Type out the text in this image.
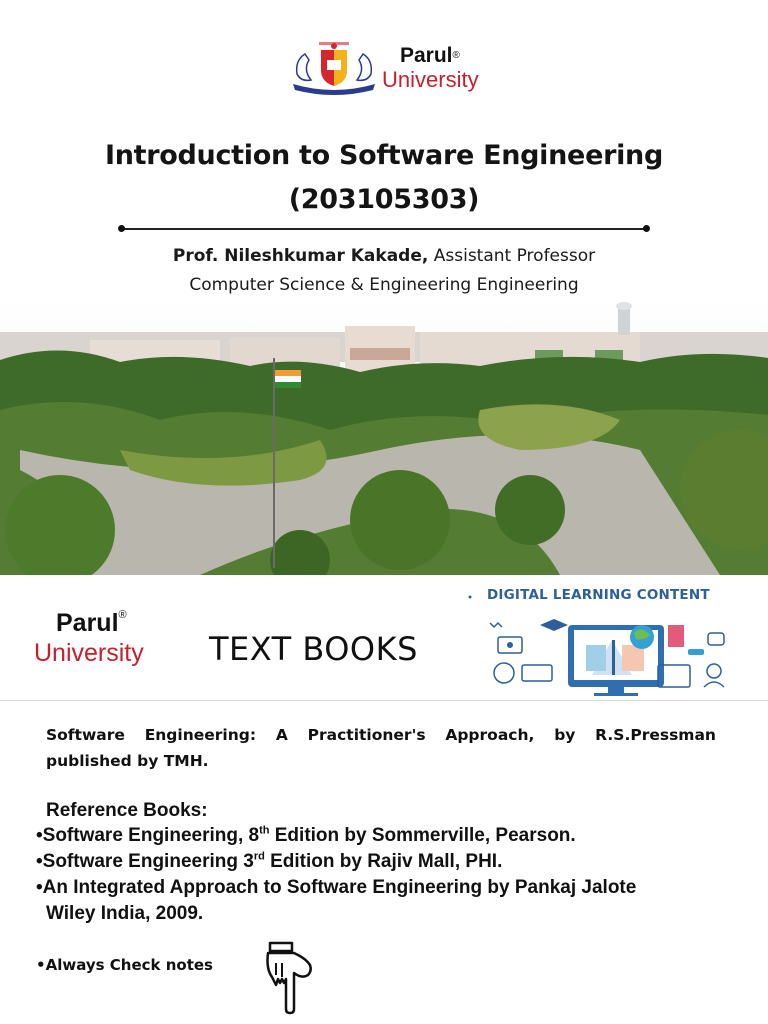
Parul®
University
Introduction to Software Engineering
(203105303)
Prof. Nileshkumar Kakade, Assistant Professor
Computer Science & Engineering Engineering
Parul®
University TEXT BOOKS
DIGITAL LEARNING CONTENT
Software Engineering: A Practitioner's Approach, by R.S.Pressman
published by TMH.
Reference Books:
•Software Engineering, 8th Edition by Sommerville, Pearson.
•Software Engineering 3rd Edition by Rajiv Mall, PHI.
•An Integrated Approach to Software Engineering by Pankaj Jalote
Wiley India, 2009.
•Always Check notes
